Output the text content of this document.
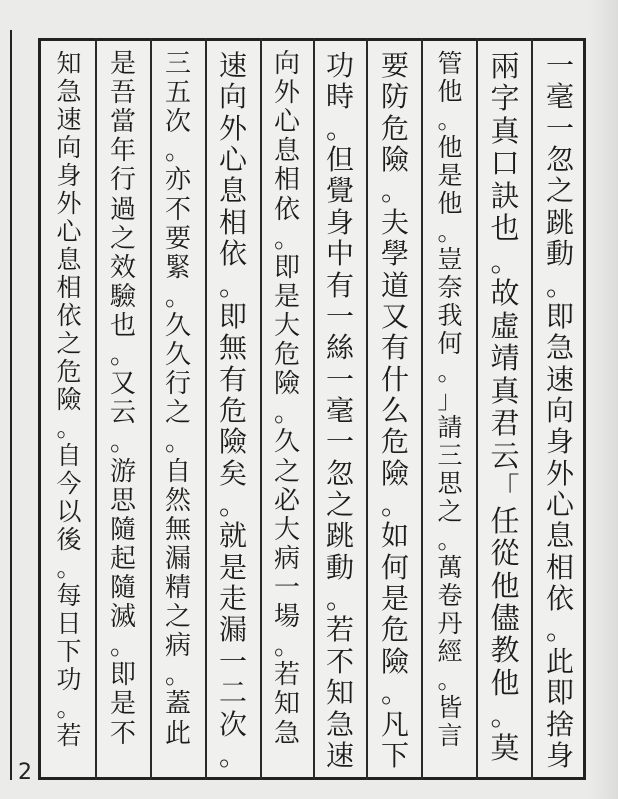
一
毫
一
忽
之
跳
動
。
即
急
速
向
身
外
心
息
相
依
。
此
即
捨
身
兩
字
真
口
訣
也
。
故
虛
靖
真
君
云
「
任
從
他
儘
教
他
。
莫
管
他
。
他
是
他
。
豈
奈
我
何
。
」
請
三
思
之
。
萬
卷
丹
經
。
皆
言
要
防
危
險
。
夫
學
道
又
有
什
么
危
險
。
如
何
是
危
險
。
凡
下
功
時
。
但
覺
身
中
有
一
絲
一
毫
一
忽
之
跳
動
。
若
不
知
急
速
向
外
心
息
相
依
。
即
是
大
危
險
。
久
之
必
大
病
一
場
。
若
知
急
速
向
外
心
息
相
依
。
即
無
有
危
險
矣
。
就
是
走
漏
一
二
次
。
三
五
次
。
亦
不
要
緊
。
久
久
行
之
。
自
然
無
漏
精
之
病
。
蓋
此
是
吾
當
年
行
過
之
效
驗
也
。
又
云
。
游
思
隨
起
隨
滅
。
即
是
不
知
急
速
向
身
外
心
息
相
依
之
危
險
。
自
今
以
後
。
每
日
下
功
。
若
2
